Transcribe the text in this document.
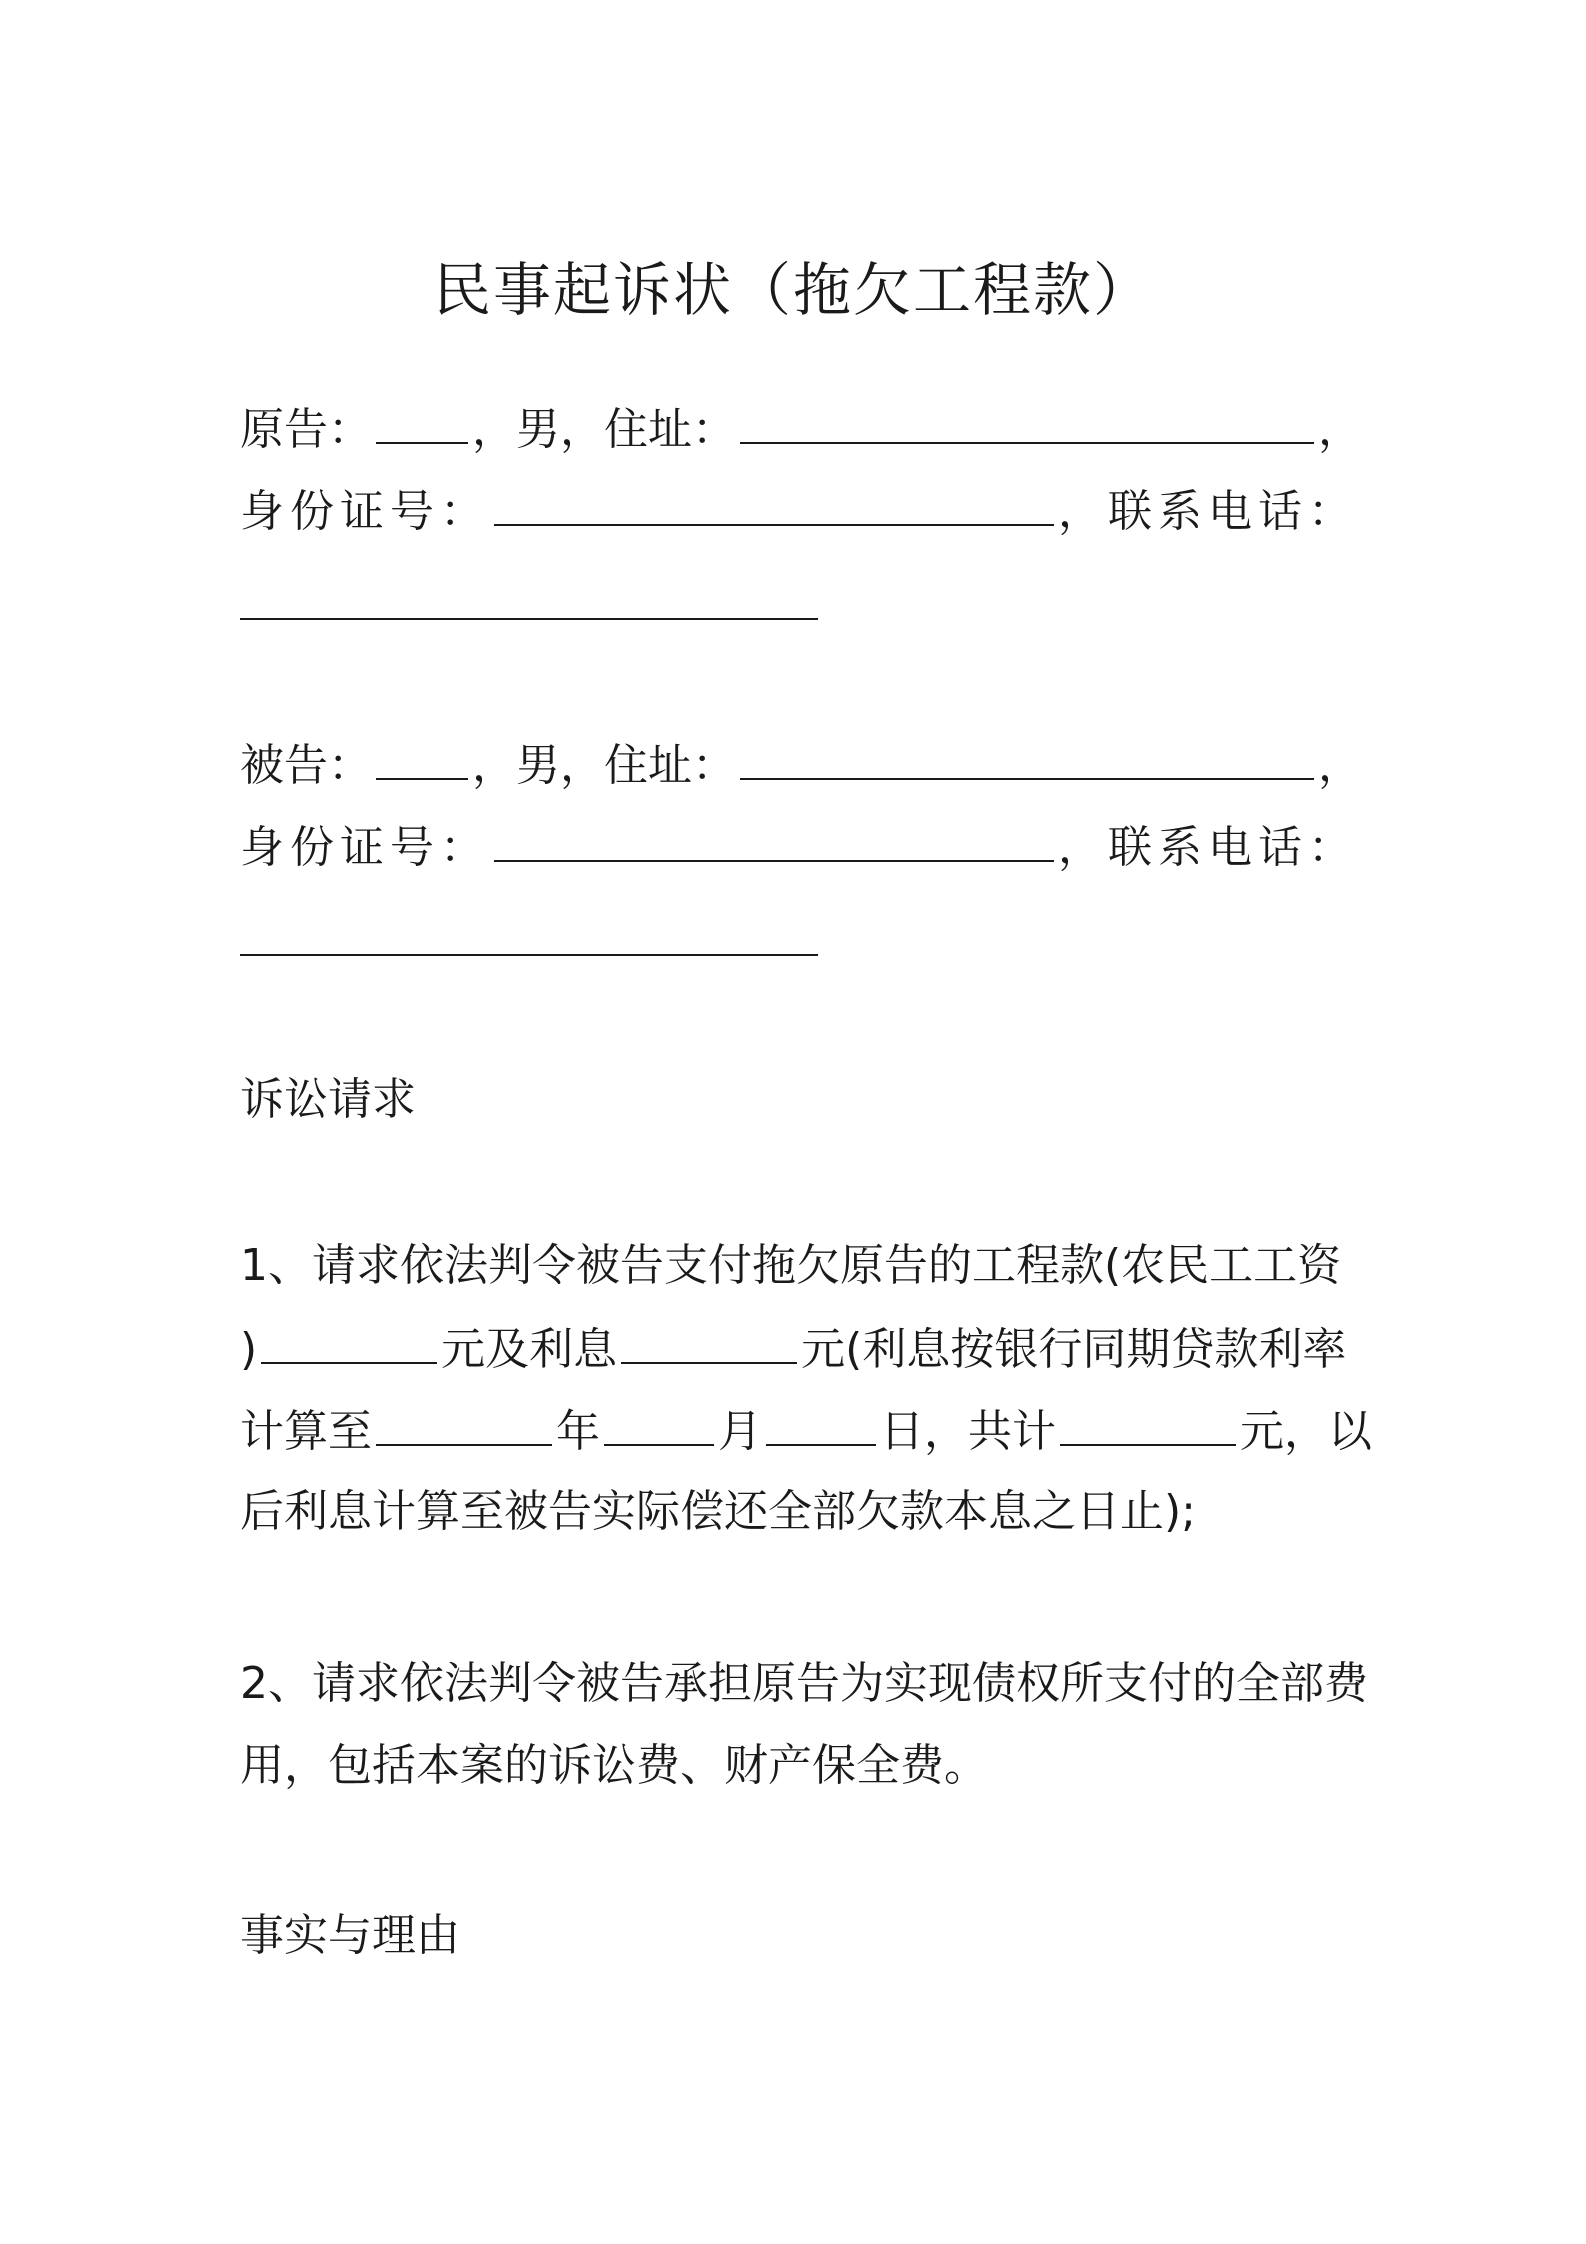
民事起诉状（拖欠工程款）
原告： ，男，住址：	，
身份证号：	，联系电话：
被告： ，男，住址：	，
身份证号：	，联系电话：
诉讼请求
1、请求依法判令被告支付拖欠原告的工程款(农民工工资
)	元及利息	元(利息按银行同期贷款利率
计算至	年	月	日，共计	元，以
后利息计算至被告实际偿还全部欠款本息之日止);
2、请求依法判令被告承担原告为实现债权所支付的全部费
用，包括本案的诉讼费、财产保全费。
事实与理由
